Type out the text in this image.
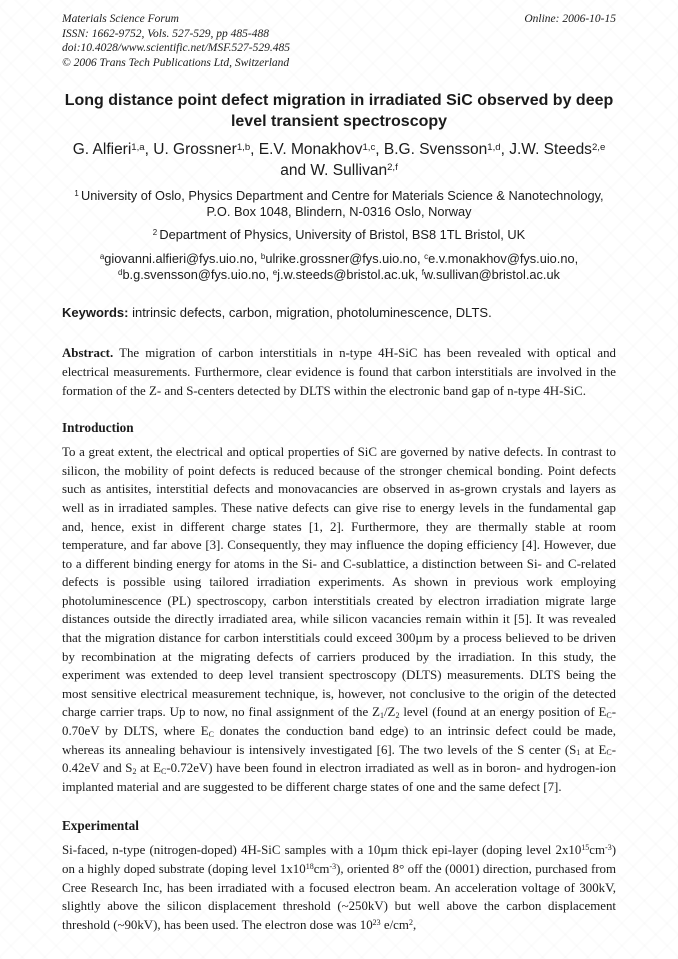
Materials Science Forum
ISSN: 1662-9752, Vols. 527-529, pp 485-488
doi:10.4028/www.scientific.net/MSF.527-529.485
© 2006 Trans Tech Publications Ltd, Switzerland
Online: 2006-10-15
Long distance point defect migration in irradiated SiC observed by deep level transient spectroscopy

G. Alfieri$^{1,a}$, U. Grossner$^{1,b}$, E.V. Monakhov$^{1,c}$, B.G. Svensson$^{1,d}$, J.W. Steeds$^{2,e}$ and W. Sullivan$^{2,f}$

$^1$ University of Oslo, Physics Department and Centre for Materials Science & Nanotechnology, P.O. Box 1048, Blindern, N-0316 Oslo, Norway

$^2$ Department of Physics, University of Bristol, BS8 1TL Bristol, UK

$^a$giovanni.alfieri@fys.uio.no, $^b$ulrike.grossner@fys.uio.no, $^c$e.v.monakhov@fys.uio.no, $^d$b.g.svensson@fys.uio.no, $^e$j.w.steeds@bristol.ac.uk, $^f$w.sullivan@bristol.ac.uk

Keywords: intrinsic defects, carbon, migration, photoluminescence, DLTS.

Abstract. The migration of carbon interstitials in n-type 4H-SiC has been revealed with optical and electrical measurements. Furthermore, clear evidence is found that carbon interstitials are involved in the formation of the Z- and S-centers detected by DLTS within the electronic band gap of n-type 4H-SiC.

Introduction

To a great extent, the electrical and optical properties of SiC are governed by native defects. In contrast to silicon, the mobility of point defects is reduced because of the stronger chemical bonding. Point defects such as antisites, interstitial defects and monovacancies are observed in as-grown crystals and layers as well as in irradiated samples. These native defects can give rise to energy levels in the fundamental gap and, hence, exist in different charge states [1, 2]. Furthermore, they are thermally stable at room temperature, and far above [3]. Consequently, they may influence the doping efficiency [4]. However, due to a different binding energy for atoms in the Si- and C-sublattice, a distinction between Si- and C-related defects is possible using tailored irradiation experiments. As shown in previous work employing photoluminescence (PL) spectroscopy, carbon interstitials created by electron irradiation migrate large distances outside the directly irradiated area, while silicon vacancies remain within it [5]. It was revealed that the migration distance for carbon interstitials could exceed 300µm by a process believed to be driven by recombination at the migrating defects of carriers produced by the irradiation. In this study, the experiment was extended to deep level transient spectroscopy (DLTS) measurements. DLTS being the most sensitive electrical measurement technique, is, however, not conclusive to the origin of the detected charge carrier traps. Up to now, no final assignment of the $Z_1/Z_2$ level (found at an energy position of $E_C-0.70eV$ by DLTS, where $E_C$ donates the conduction band edge) to an intrinsic defect could be made, whereas its annealing behaviour is intensively investigated [6]. The two levels of the S center ($S_1$ at $E_C-0.42eV$ and $S_2$ at $E_C-0.72eV$) have been found in electron irradiated as well as in boron- and hydrogen-ion implanted material and are suggested to be different charge states of one and the same defect [7].

Experimental

Si-faced, n-type (nitrogen-doped) 4H-SiC samples with a 10µm thick epi-layer (doping level $2x10^{15}cm^{-3}$) on a highly doped substrate (doping level $1x10^{18}cm^{-3}$), oriented 8° off the (0001) direction, purchased from Cree Research Inc, has been irradiated with a focused electron beam. An acceleration voltage of 300kV, slightly above the silicon displacement threshold (~250kV) but well above the carbon displacement threshold (~90kV), has been used. The electron dose was $10^{23}$ $e/cm^2$,
